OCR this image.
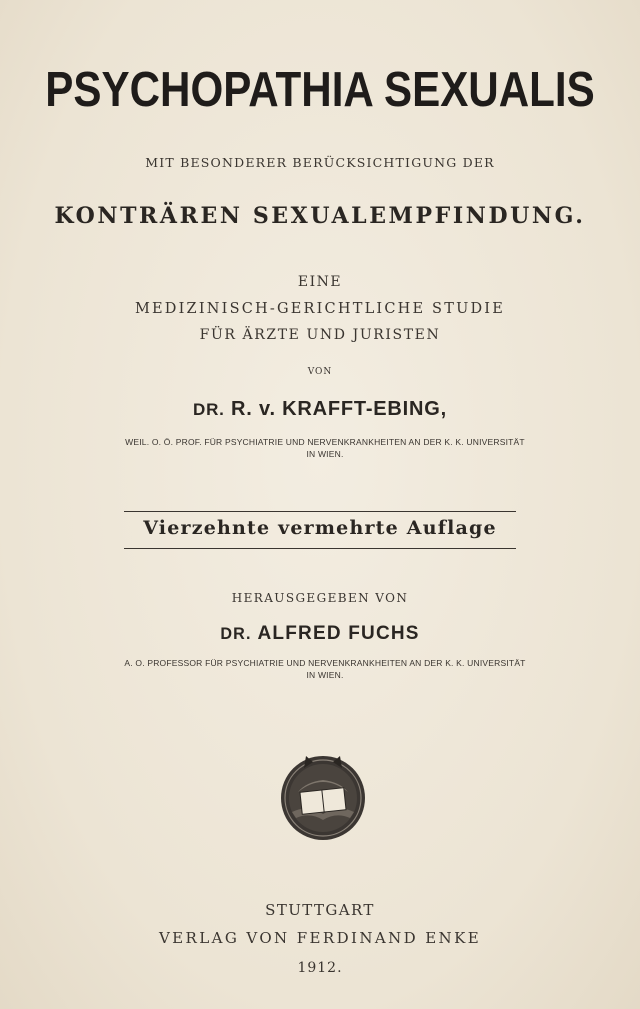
PSYCHOPATHIA SEXUALIS
MIT BESONDERER BERÜCKSICHTIGUNG DER
KONTRÄREN SEXUALEMPFINDUNG.
EINE
MEDIZINISCH-GERICHTLICHE STUDIE
FÜR ÄRZTE UND JURISTEN
VON
DR. R. v. KRAFFT-EBING,
WEIL. O. Ö. PROF. FÜR PSYCHIATRIE UND NERVENKRANKHEITEN AN DER K. K. UNIVERSITÄT
IN WIEN.
Vierzehnte vermehrte Auflage
HERAUSGEGEBEN VON
DR. ALFRED FUCHS
A. O. PROFESSOR FÜR PSYCHIATRIE UND NERVENKRANKHEITEN AN DER K. K. UNIVERSITÄT
IN WIEN.
STUTTGART
VERLAG VON FERDINAND ENKE
1912.
